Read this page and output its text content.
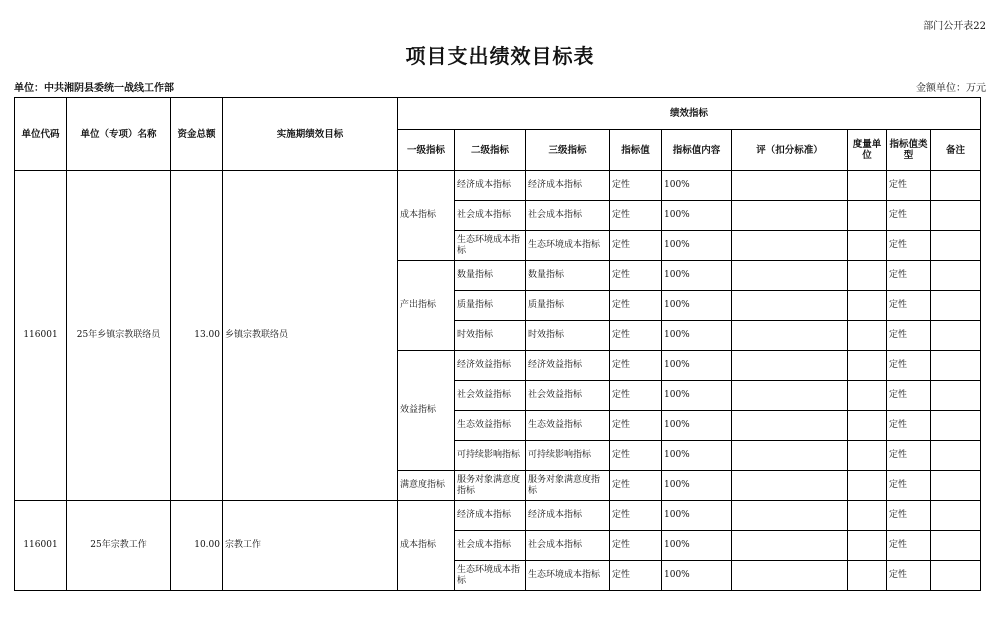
部门公开表22
项目支出绩效目标表
单位：中共湘阴县委统一战线工作部	金额单位：万元
单位代码	单位（专项）名称	资金总额	实施期绩效目标	绩效指标								
				一级指标	二级指标	三级指标	指标值	指标值内容	评（扣分标准）	度量单位	指标值类型	备注
116001	25年乡镇宗教联络员	13.00	乡镇宗教联络员	成本指标	经济成本指标	经济成本指标	定性	100%			定性	
					社会成本指标	社会成本指标	定性	100%			定性	
					生态环境成本指标	生态环境成本指标	定性	100%			定性	
				产出指标	数量指标	数量指标	定性	100%			定性	
					质量指标	质量指标	定性	100%			定性	
					时效指标	时效指标	定性	100%			定性	
				效益指标	经济效益指标	经济效益指标	定性	100%			定性	
					社会效益指标	社会效益指标	定性	100%			定性	
					生态效益指标	生态效益指标	定性	100%			定性	
					可持续影响指标	可持续影响指标	定性	100%			定性	
				满意度指标	服务对象满意度指标	服务对象满意度指标	定性	100%			定性	
116001	25年宗教工作	10.00	宗教工作	成本指标	经济成本指标	经济成本指标	定性	100%			定性	
					社会成本指标	社会成本指标	定性	100%			定性	
					生态环境成本指标	生态环境成本指标	定性	100%			定性	
